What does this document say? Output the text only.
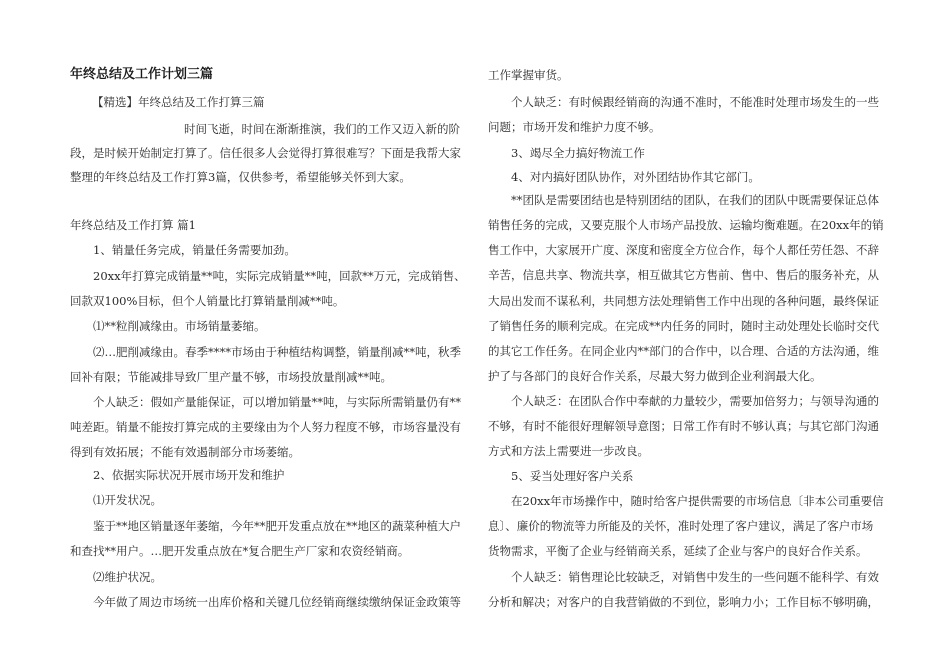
年终总结及工作计划三篇
【精选】年终总结及工作打算三篇
时间飞逝，时间在渐渐推演，我们的工作又迈入新的阶
段，是时候开始制定打算了。信任很多人会觉得打算很难写？下面是我帮大家
整理的年终总结及工作打算3篇，仅供参考，希望能够关怀到大家。
年终总结及工作打算 篇1
1、销量任务完成，销量任务需要加劲。
20xx年打算完成销量**吨，实际完成销量**吨，回款**万元，完成销售、
回款双100%目标，但个人销量比打算销量削减**吨。
⑴**粒削减缘由。市场销量萎缩。
⑵…肥削减缘由。春季****市场由于种植结构调整，销量削减**吨，秋季
回补有限；节能减排导致厂里产量不够，市场投放量削减**吨。
个人缺乏：假如产量能保证，可以增加销量**吨，与实际所需销量仍有**
吨差距。销量不能按打算完成的主要缘由为个人努力程度不够，市场容量没有
得到有效拓展；不能有效遏制部分市场萎缩。
2、依据实际状况开展市场开发和维护
⑴开发状况。
鉴于**地区销量逐年萎缩，今年**肥开发重点放在**地区的蔬菜种植大户
和查找**用户。…肥开发重点放在*复合肥生产厂家和农资经销商。
⑵维护状况。
今年做了周边市场统一出库价格和关键几位经销商继续缴纳保证金政策等
工作掌握审货。
个人缺乏：有时候跟经销商的沟通不准时，不能准时处理市场发生的一些
问题；市场开发和维护力度不够。
3、竭尽全力搞好物流工作
4、对内搞好团队协作，对外团结协作其它部门。
**团队是需要团结也是特别团结的团队，在我们的团队中既需要保证总体
销售任务的完成，又要克服个人市场产品投放、运输均衡难题。在20xx年的销
售工作中，大家展开广度、深度和密度全方位合作，每个人都任劳任怨、不辞
辛苦，信息共享、物流共享，相互做其它方售前、售中、售后的服务补充，从
大局出发而不谋私利，共同想方法处理销售工作中出现的各种问题，最终保证
了销售任务的顺利完成。在完成**内任务的同时，随时主动处理处长临时交代
的其它工作任务。在同企业内**部门的合作中，以合理、合适的方法沟通，维
护了与各部门的良好合作关系，尽最大努力做到企业利润最大化。
个人缺乏：在团队合作中奉献的力量较少，需要加倍努力；与领导沟通的
不够，有时不能很好理解领导意图；日常工作有时不够认真；与其它部门沟通
方式和方法上需要进一步改良。
5、妥当处理好客户关系
在20xx年市场操作中，随时给客户提供需要的市场信息〔非本公司重要信
息〕、廉价的物流等力所能及的关怀，准时处理了客户建议，满足了客户市场
货物需求，平衡了企业与经销商关系，延续了企业与客户的良好合作关系。
个人缺乏：销售理论比较缺乏，对销售中发生的一些问题不能科学、有效
分析和解决；对客户的自我营销做的不到位，影响力小；工作目标不够明确，
